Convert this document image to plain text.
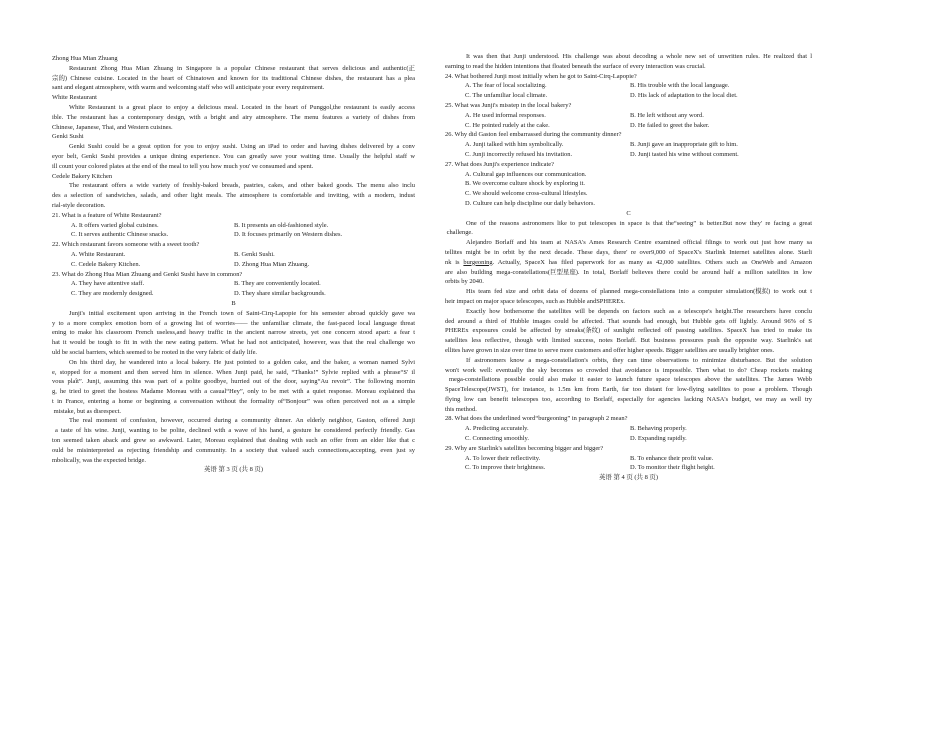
Zhong Hua Mian Zhuang
Restaurant Zhong Hua Mian Zhuang in Singapore is a popular Chinese restaurant that serves delicious and authentic(正
宗的) Chinese cuisine. Located in the heart of Chinatown and known for its traditional Chinese dishes, the restaurant has a plea
sant and elegant atmosphere, with warm and welcoming staff who will anticipate your every requirement.
White Restaurant
White Restaurant is a great place to enjoy a delicious meal. Located in the heart of Punggol,the restaurant is easily access
ible. The restaurant has a contemporary design, with a bright and airy atmosphere. The menu features a variety of dishes from
Chinese, Japanese, Thai, and Western cuisines.
Genki Sushi
Genki Sushi could be a great option for you to enjoy sushi. Using an iPad to order and having dishes delivered by a conv
eyor belt, Genki Sushi provides a unique dining experience. You can greatly save your waiting time. Usually the helpful staff w
ill count your colored plates at the end of the meal to tell you how much you' ve consumed and spent.
Cedele Bakery Kitchen
The restaurant offers a wide variety of freshly-baked breads, pastries, cakes, and other baked goods. The menu also inclu
des a selection of sandwiches, salads, and other light meals. The atmosphere is comfortable and inviting, with a modern, indust
rial-style decoration.
21. What is a feature of White Restaurant?
A. It offers varied global cuisines.	B. It presents an old-fashioned style.
C. It serves authentic Chinese snacks.	D. It focuses primarily on Western dishes.
22. Which restaurant favors someone with a sweet tooth?
A. White Restaurant.	B. Genki Sushi.
C. Cedele Bakery Kitchen.	D. Zhong Hua Mian Zhuang.
23. What do Zhong Hua Mian Zhuang and Genki Sushi have in common?
A. They have attentive staff.	B. They are conveniently located.
C. They are modernly designed.	D. They share similar backgrounds.
B
Junji's initial excitement upon arriving in the French town of Saint-Cirq-Lapopie for his semester abroad quickly gave wa
y to a more complex emotion born of a growing list of worries—— the unfamiliar climate, the fast-paced local language threat
ening to make his classroom French useless,and heavy traffic in the ancient narrow streets, yet one concern stood apart: a fear t
hat it would be tough to fit in with the new eating pattern. What he had not anticipated, however, was that the real challenge wo
uld be social barriers, which seemed to be rooted in the very fabric of daily life.
On his third day, he wandered into a local bakery. He just pointed to a golden cake, and the baker, a woman named Sylvi
e, stopped for a moment and then served him in silence. When Junji paid, he said, “Thanks!” Sylvie replied with a phrase“S' il
vous plaît”. Junji, assuming this was part of a polite goodbye, hurried out of the door, saying“Au revoir”. The following mornin
g, he tried to greet the hostess Madame Moreau with a casual“Hey”, only to be met with a quiet response. Moreau explained tha
t in France, entering a home or beginning a conversation without the formality of“Bonjour” was often perceived not as a simple
mistake, but as disrespect.
The real moment of confusion, however, occurred during a community dinner. An elderly neighbor, Gaston, offered Junji
a taste of his wine. Junji, wanting to be polite, declined with a wave of his hand, a gesture he considered perfectly friendly. Gas
ton seemed taken aback and grew so awkward. Later, Moreau explained that dealing with such an offer from an elder like that c
ould be misinterpreted as rejecting friendship and community. In a society that valued such connections,accepting, even just sy
mbolically, was the expected bridge.
英语 第 3 页 (共 8 页)
It was then that Junji understood. His challenge was about decoding a whole new set of unwritten rules. He realized that l
earning to read the hidden intentions that floated beneath the surface of every interaction was crucial.
24. What bothered Junji most initially when he got to Saint-Cirq-Lapopie?
A. The fear of local socializing.	B. His trouble with the local language.
C. The unfamiliar local climate.	D. His lack of adaptation to the local diet.
25. What was Junji's misstep in the local bakery?
A. He used informal responses.	B. He left without any word.
C. He pointed rudely at the cake.	D. He failed to greet the baker.
26. Why did Gaston feel embarrassed during the community dinner?
A. Junji talked with him symbolically.	B. Junji gave an inappropriate gift to him.
C. Junji incorrectly refused his invitation.	D. Junji tasted his wine without comment.
27. What does Junji's experience indicate?
A. Cultural gap influences our communication.
B. We overcome culture shock by exploring it.
C. We should welcome cross-cultural lifestyles.
D. Culture can help discipline our daily behaviors.
C
One of the reasons astronomers like to put telescopes in space is that the“seeing” is better.But now they' re facing a great
challenge.
Alejandro Borlaff and his team at NASA's Ames Research Centre examined official filings to work out just how many sa
tellites might be in orbit by the next decade. These days, there' re over9,000 of SpaceX's Starlink Internet satellites alone. Starli
nk is burgeoning. Actually, SpaceX has filed paperwork for as many as 42,000 satellites. Others such as OneWeb and Amazon
are also building mega-constellations(巨型星座). In total, Borlaff believes there could be around half a million satellites in low
orbits by 2040.
His team fed size and orbit data of dozens of planned mega-constellations into a computer simulation(模拟) to work out t
heir impact on major space telescopes, such as Hubble andSPHEREx.
Exactly how bothersome the satellites will be depends on factors such as a telescope's height.The researchers have conclu
ded around a third of Hubble images could be affected. That sounds bad enough, but Hubble gets off lightly. Around 96% of S
PHEREx exposures could be affected by streaks(条纹) of sunlight reflected off passing satellites. SpaceX has tried to make its
satellites less reflective, though with limited success, notes Borlaff. But business pressures push the opposite way. Starlink's sat
ellites have grown in size over time to serve more customers and offer higher speeds. Bigger satellites are usually brighter ones.
If astronomers know a mega-constellation's orbits, they can time observations to minimize disturbance. But the solution
won't work well: eventually the sky becomes so crowded that avoidance is impossible. Then what to do? Cheap rockets making
mega-constellations possible could also make it easier to launch future space telescopes above the satellites. The James Webb
SpaceTelescope(JWST), for instance, is 1.5m km from Earth, far too distant for low-flying satellites to pose a problem. Though
flying low can benefit telescopes too, according to Borlaff, especially for agencies lacking NASA's budget, we may as well try
this method.
28. What does the underlined word“burgeoning” in paragraph 2 mean?
A. Predicting accurately.	B. Behaving properly.
C. Connecting smoothly.	D. Expanding rapidly.
29. Why are Starlink's satellites becoming bigger and bigger?
A. To lower their reflectivity.	B. To enhance their profit value.
C. To improve their brightness.	D. To monitor their flight height.
英语 第 4 页 (共 8 页)
